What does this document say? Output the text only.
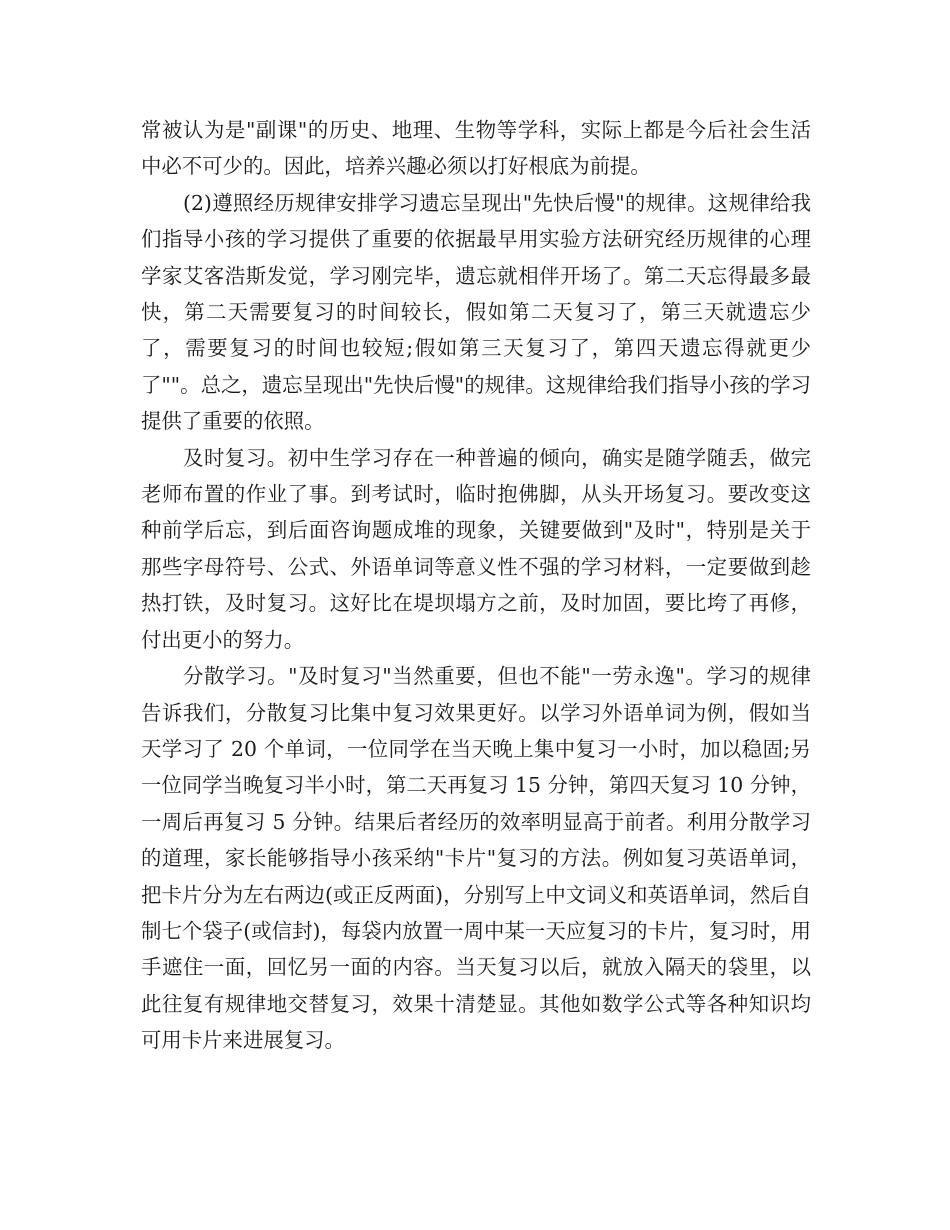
常被认为是"副课"的历史、地理、生物等学科，实际上都是今后社会生活中必不可少的。因此，培养兴趣必须以打好根底为前提。

(2)遵照经历规律安排学习遗忘呈现出"先快后慢"的规律。这规律给我们指导小孩的学习提供了重要的依据最早用实验方法研究经历规律的心理学家艾客浩斯发觉，学习刚完毕，遗忘就相伴开场了。第二天忘得最多最快，第二天需要复习的时间较长，假如第二天复习了，第三天就遗忘少了，需要复习的时间也较短;假如第三天复习了，第四天遗忘得就更少了""。总之，遗忘呈现出"先快后慢"的规律。这规律给我们指导小孩的学习提供了重要的依照。

及时复习。初中生学习存在一种普遍的倾向，确实是随学随丢，做完老师布置的作业了事。到考试时，临时抱佛脚，从头开场复习。要改变这种前学后忘，到后面咨询题成堆的现象，关键要做到"及时"，特别是关于那些字母符号、公式、外语单词等意义性不强的学习材料，一定要做到趁热打铁，及时复习。这好比在堤坝塌方之前，及时加固，要比垮了再修，付出更小的努力。

分散学习。"及时复习"当然重要，但也不能"一劳永逸"。学习的规律告诉我们，分散复习比集中复习效果更好。以学习外语单词为例，假如当天学习了 20 个单词，一位同学在当天晚上集中复习一小时，加以稳固;另一位同学当晚复习半小时，第二天再复习 15 分钟，第四天复习 10 分钟，一周后再复习 5 分钟。结果后者经历的效率明显高于前者。利用分散学习的道理，家长能够指导小孩采纳"卡片"复习的方法。例如复习英语单词，把卡片分为左右两边(或正反两面)，分别写上中文词义和英语单词，然后自制七个袋子(或信封)，每袋内放置一周中某一天应复习的卡片，复习时，用手遮住一面，回忆另一面的内容。当天复习以后，就放入隔天的袋里，以此往复有规律地交替复习，效果十清楚显。其他如数学公式等各种知识均可用卡片来进展复习。
